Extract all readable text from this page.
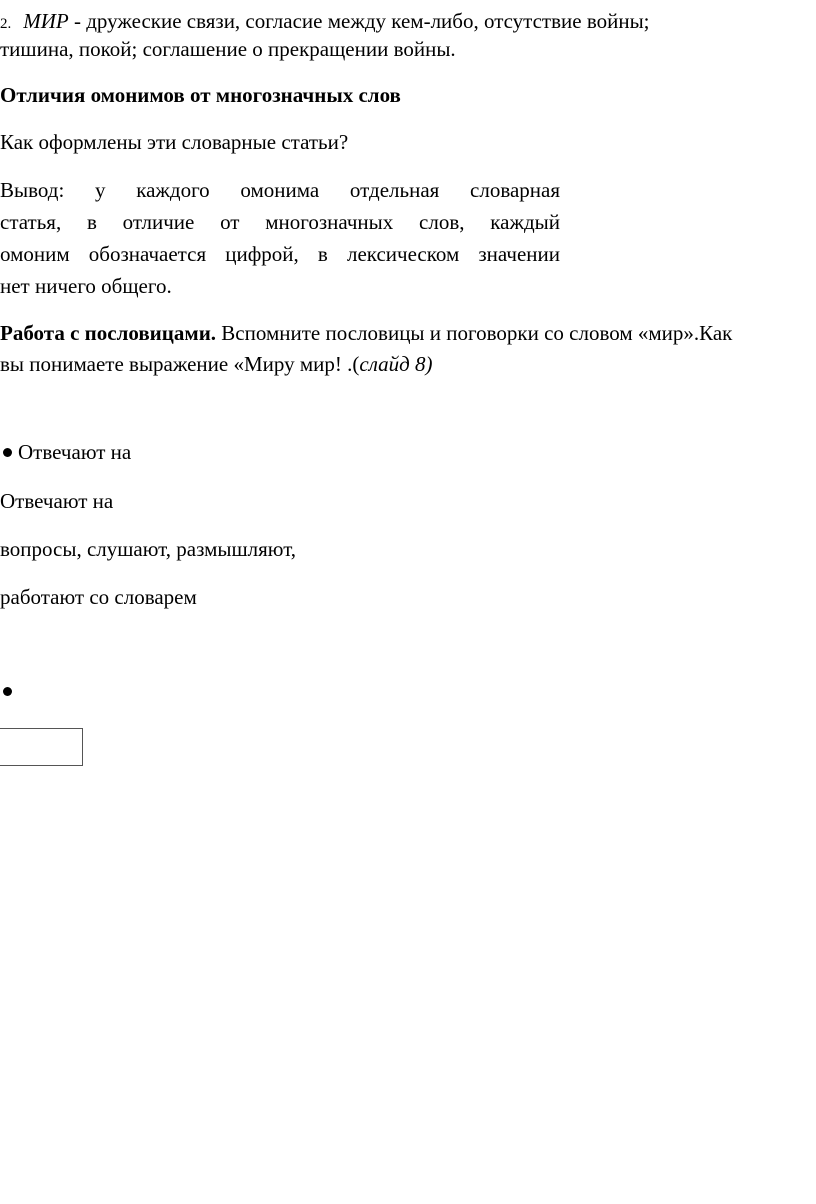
2. МИР - дружеские связи, согласие между кем-либо, отсутствие войны;
тишина, покой; соглашение о прекращении войны.
Отличия омонимов от многозначных слов
Как оформлены эти словарные статьи?
Вывод: у каждого омонима отдельная словарная
статья, в отличие от многозначных слов, каждый
омоним обозначается цифрой, в лексическом значении
нет ничего общего.
Работа с пословицами. Вспомните пословицы и поговорки со словом «мир».Как
вы понимаете выражение «Миру мир! .(слайд 8)
Отвечают на
Отвечают на
вопросы, слушают, размышляют,
работают со словарем
